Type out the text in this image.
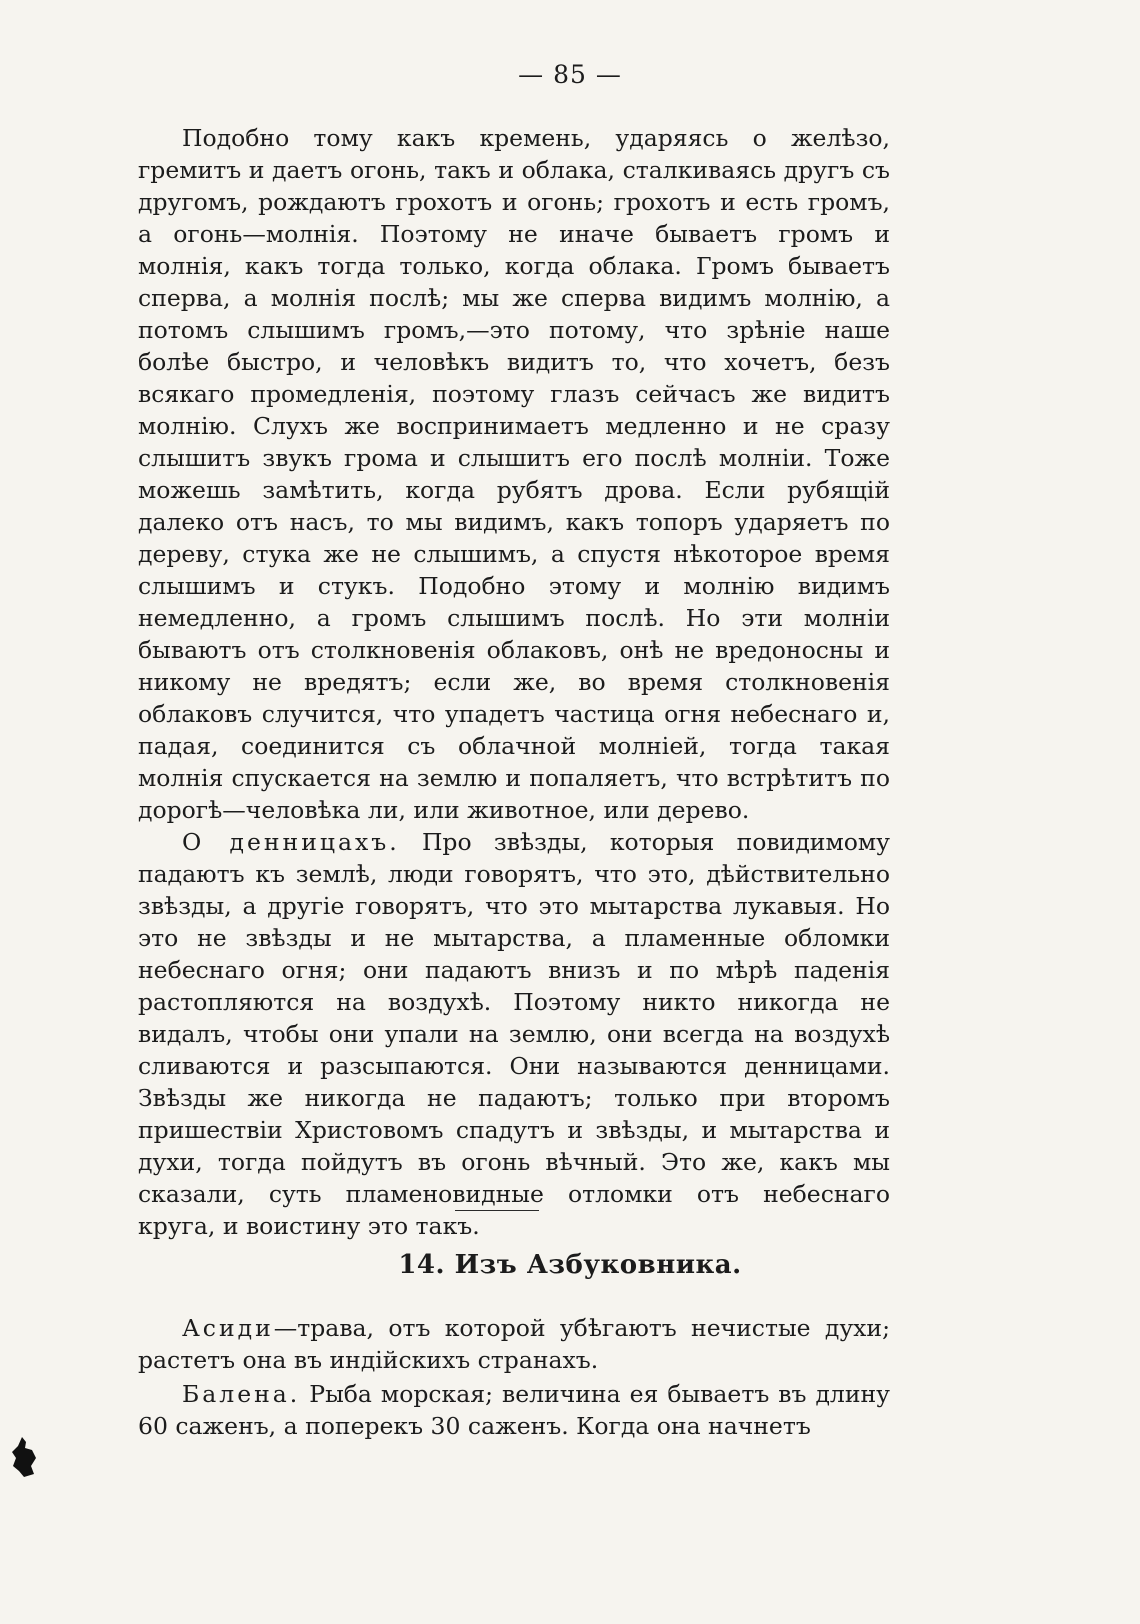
— 85 —

Подобно тому какъ кремень, ударяясь о желѣзо, гремитъ и даетъ огонь, такъ и облака, сталкиваясь другъ съ другомъ, рождаютъ грохотъ и огонь; грохотъ и есть громъ, а огонь—молнія. Поэтому не иначе бываетъ громъ и молнія, какъ тогда только, когда облака. Громъ бываетъ сперва, а молнія послѣ; мы же сперва видимъ молнію, а потомъ слышимъ громъ,—это потому, что зрѣніе наше болѣе быстро, и человѣкъ видитъ то, что хочетъ, безъ всякаго промедленія, поэтому глазъ сейчасъ же видитъ молнію. Слухъ же воспринимаетъ медленно и не сразу слышитъ звукъ грома и слышитъ его послѣ молніи. Тоже можешь замѣтить, когда рубятъ дрова. Если рубящій далеко отъ насъ, то мы видимъ, какъ топоръ ударяетъ по дереву, стука же не слышимъ, а спустя нѣкоторое время слышимъ и стукъ. Подобно этому и молнію видимъ немедленно, а громъ слышимъ послѣ. Но эти молніи бываютъ отъ столкновенія облаковъ, онѣ не вредоносны и никому не вредятъ; если же, во время столкновенія облаковъ случится, что упадетъ частица огня небеснаго и, падая, соединится съ облачной молніей, тогда такая молнія спускается на землю и попаляетъ, что встрѣтитъ по дорогѣ—человѣка ли, или животное, или дерево.

О денницахъ. Про звѣзды, которыя повидимому падаютъ къ землѣ, люди говорятъ, что это, дѣйствительно звѣзды, а другіе говорятъ, что это мытарства лукавыя. Но это не звѣзды и не мытарства, а пламенные обломки небеснаго огня; они падаютъ внизъ и по мѣрѣ паденія растопляются на воздухѣ. Поэтому никто никогда не видалъ, чтобы они упали на землю, они всегда на воздухѣ сливаются и разсыпаются. Они называются денницами. Звѣзды же никогда не падаютъ; только при второмъ пришествіи Христовомъ спадутъ и звѣзды, и мытарства и духи, тогда пойдутъ въ огонь вѣчный. Это же, какъ мы сказали, суть пламеновидные отломки отъ небеснаго круга, и воистину это такъ.

14. Изъ Азбуковника.

Асиди—трава, отъ которой убѣгаютъ нечистые духи; растетъ она въ индійскихъ странахъ.

Балена. Рыба морская; величина ея бываетъ въ длину 60 саженъ, а поперекъ 30 саженъ. Когда она начнетъ
